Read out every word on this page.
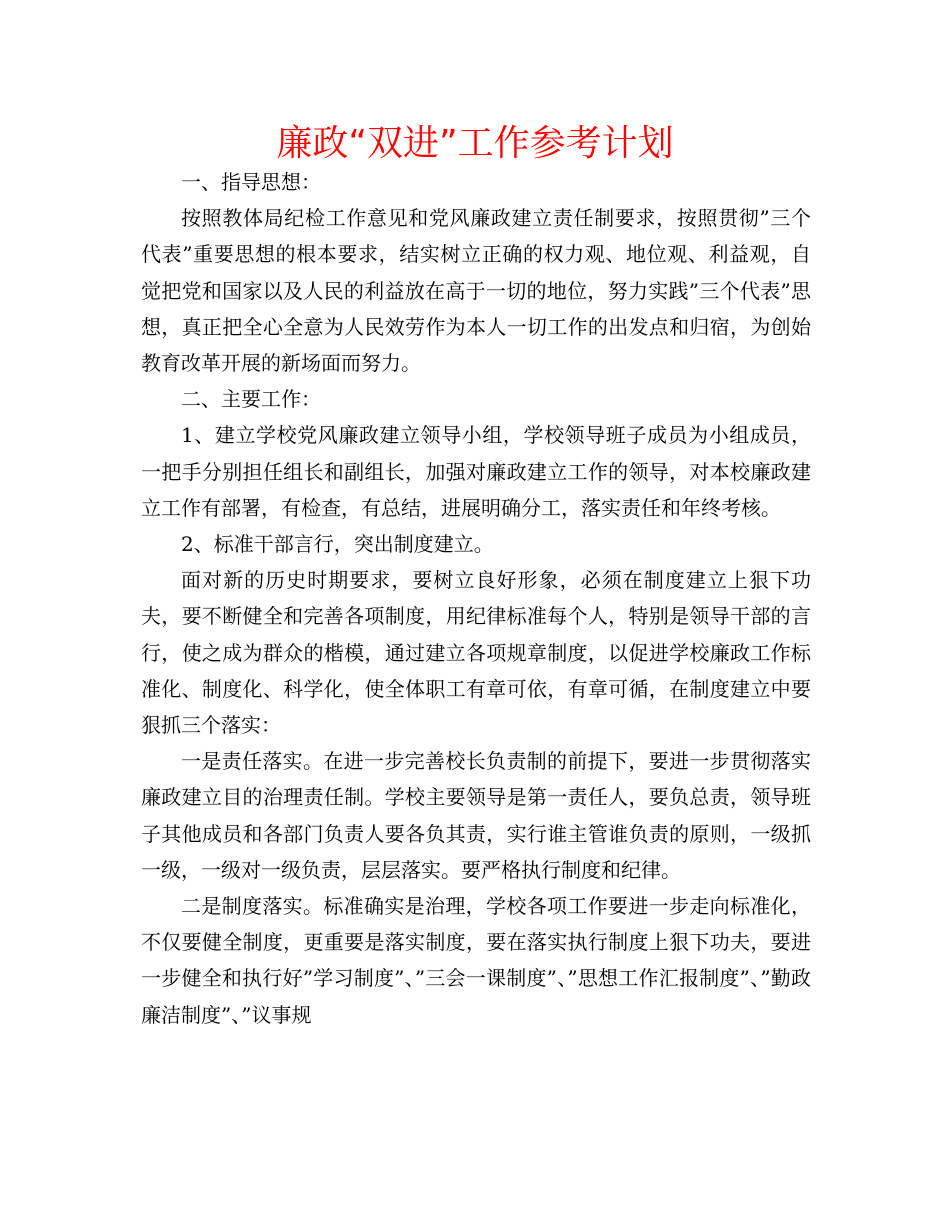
廉政“双进”工作参考计划

一、指导思想：

按照教体局纪检工作意见和党风廉政建立责任制要求，按照贯彻”三个代表”重要思想的根本要求，结实树立正确的权力观、地位观、利益观，自觉把党和国家以及人民的利益放在高于一切的地位，努力实践”三个代表”思想，真正把全心全意为人民效劳作为本人一切工作的出发点和归宿，为创始教育改革开展的新场面而努力。

二、主要工作：

1、建立学校党风廉政建立领导小组，学校领导班子成员为小组成员，一把手分别担任组长和副组长，加强对廉政建立工作的领导，对本校廉政建立工作有部署，有检查，有总结，进展明确分工，落实责任和年终考核。

2、标准干部言行，突出制度建立。

面对新的历史时期要求，要树立良好形象，必须在制度建立上狠下功夫，要不断健全和完善各项制度，用纪律标准每个人，特别是领导干部的言行，使之成为群众的楷模，通过建立各项规章制度，以促进学校廉政工作标准化、制度化、科学化，使全体职工有章可依，有章可循，在制度建立中要狠抓三个落实：

一是责任落实。在进一步完善校长负责制的前提下，要进一步贯彻落实廉政建立目的治理责任制。学校主要领导是第一责任人，要负总责，领导班子其他成员和各部门负责人要各负其责，实行谁主管谁负责的原则，一级抓一级，一级对一级负责，层层落实。要严格执行制度和纪律。

二是制度落实。标准确实是治理，学校各项工作要进一步走向标准化，不仅要健全制度，更重要是落实制度，要在落实执行制度上狠下功夫，要进一步健全和执行好”学习制度”、”三会一课制度”、”思想工作汇报制度”、”勤政廉洁制度”、”议事规
